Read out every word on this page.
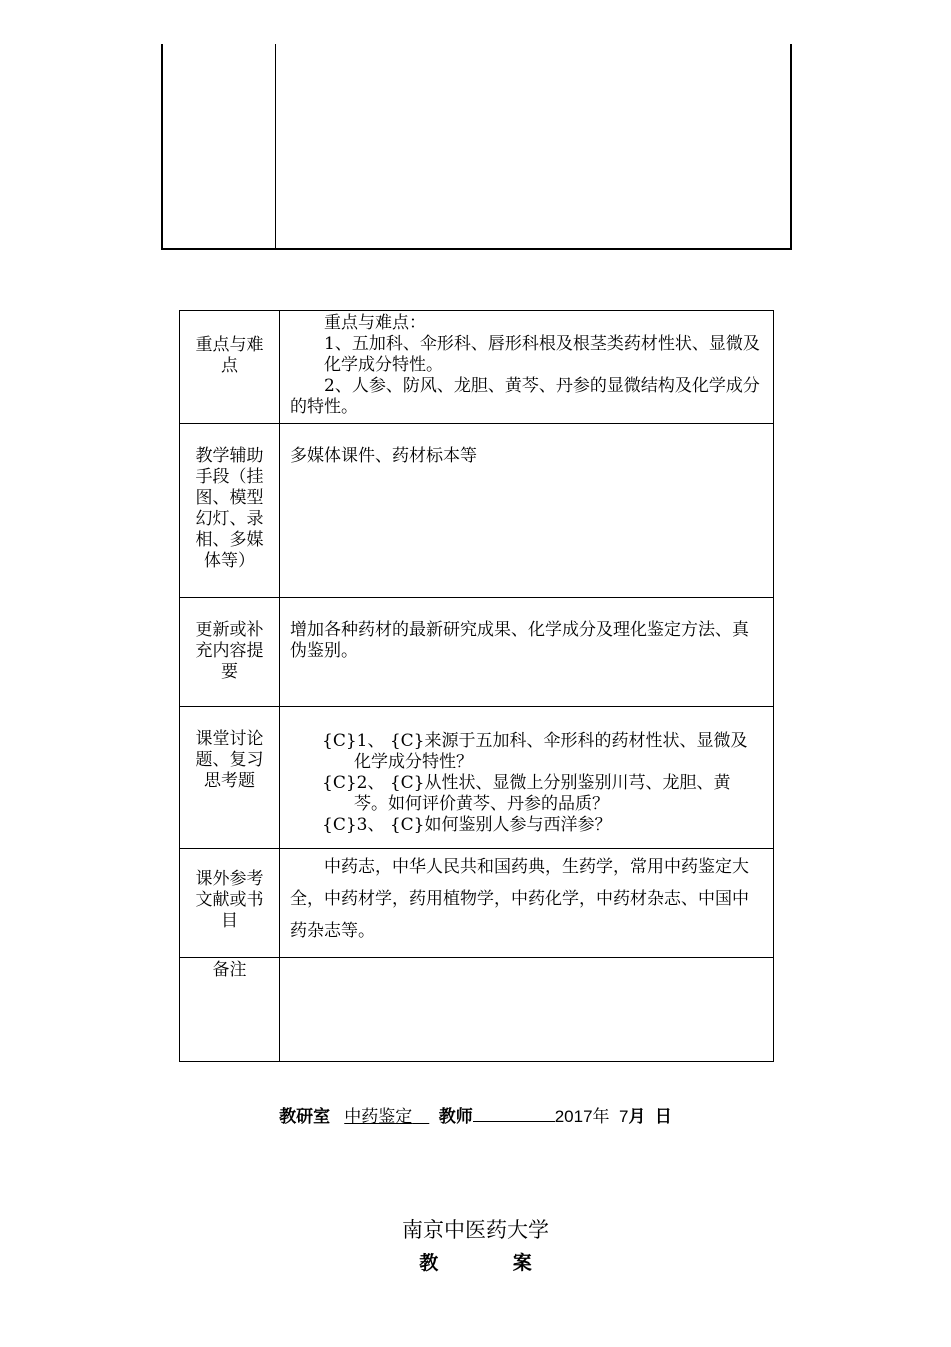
重点与难点

重点与难点：

1、五加科、伞形科、唇形科根及根茎类药材性状、显微及化学成分特性。

2、人参、防风、龙胆、黄芩、丹参的显微结构及化学成分的特性。

教学辅助手段（挂图、模型幻灯、录相、多媒体等）

多媒体课件、药材标本等

更新或补充内容提要

增加各种药材的最新研究成果、化学成分及理化鉴定方法、真伪鉴别。

课堂讨论题、复习思考题

{C}1、 {C}来源于五加科、伞形科的药材性状、显微及化学成分特性？

{C}2、 {C}从性状、显微上分别鉴别川芎、龙胆、黄芩。如何评价黄芩、丹参的品质？

{C}3、 {C}如何鉴别人参与西洋参？

课外参考文献或书目

中药志，中华人民共和国药典，生药学，常用中药鉴定大全，中药材学，药用植物学，中药化学，中药材杂志、中国中药杂志等。

备注
教研室 中药鉴定 教师	2017年 7月 日
南京中医药大学
教 案
